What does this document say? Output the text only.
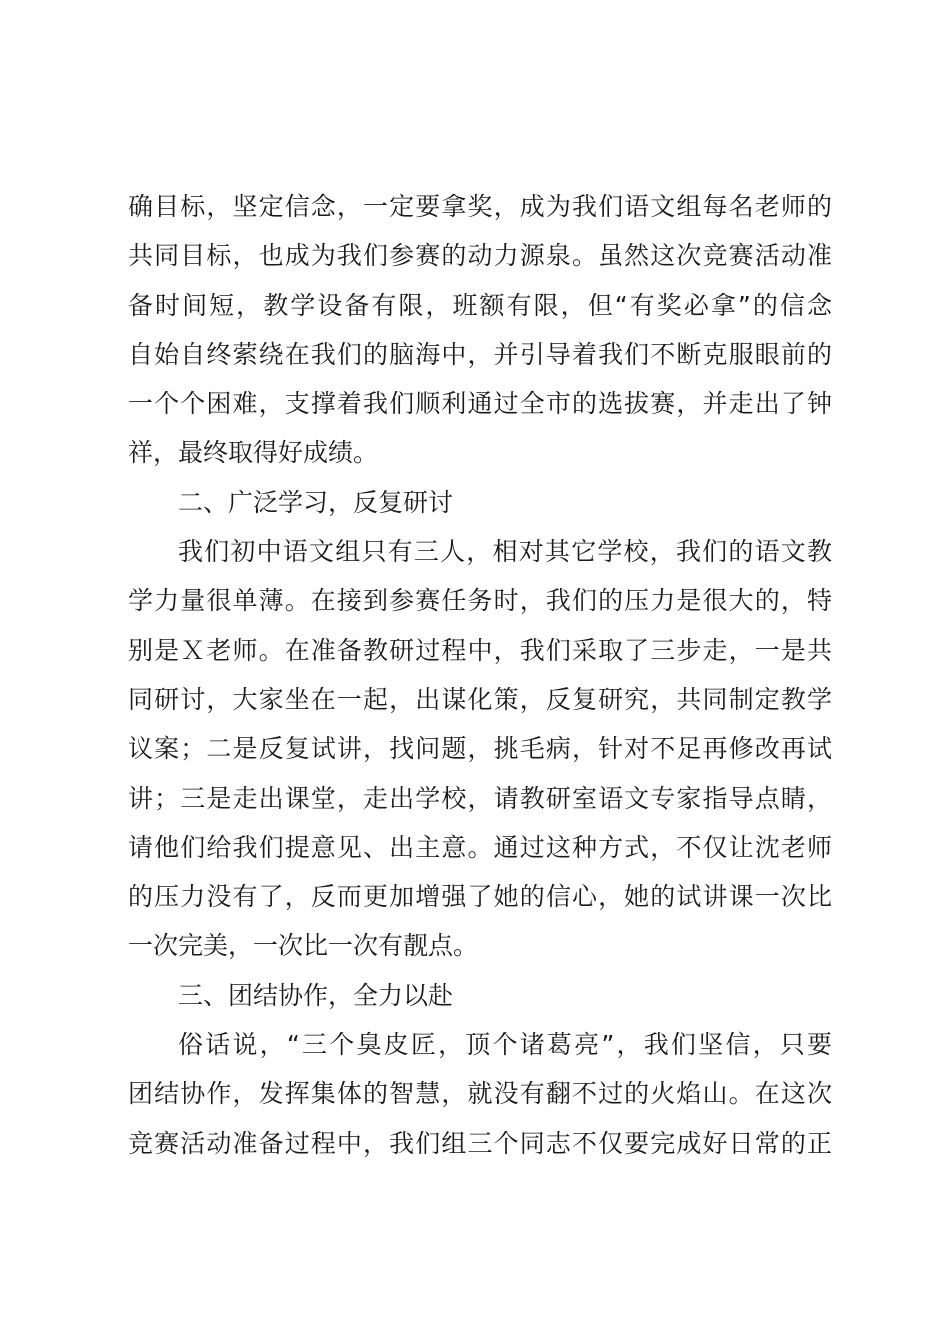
确目标，坚定信念，一定要拿奖，成为我们语文组每名老师的
共同目标，也成为我们参赛的动力源泉。虽然这次竞赛活动准
备时间短，教学设备有限，班额有限，但“有奖必拿”的信念
自始自终萦绕在我们的脑海中，并引导着我们不断克服眼前的
一个个困难，支撑着我们顺利通过全市的选拔赛，并走出了钟
祥，最终取得好成绩。
二、广泛学习，反复研讨
我们初中语文组只有三人，相对其它学校，我们的语文教
学力量很单薄。在接到参赛任务时，我们的压力是很大的，特
别是Ｘ老师。在准备教研过程中，我们采取了三步走，一是共
同研讨，大家坐在一起，出谋化策，反复研究，共同制定教学
议案；二是反复试讲，找问题，挑毛病，针对不足再修改再试
讲；三是走出课堂，走出学校，请教研室语文专家指导点睛，
请他们给我们提意见、出主意。通过这种方式，不仅让沈老师
的压力没有了，反而更加增强了她的信心，她的试讲课一次比
一次完美，一次比一次有靓点。
三、团结协作，全力以赴
俗话说，“三个臭皮匠，顶个诸葛亮”，我们坚信，只要
团结协作，发挥集体的智慧，就没有翻不过的火焰山。在这次
竞赛活动准备过程中，我们组三个同志不仅要完成好日常的正
